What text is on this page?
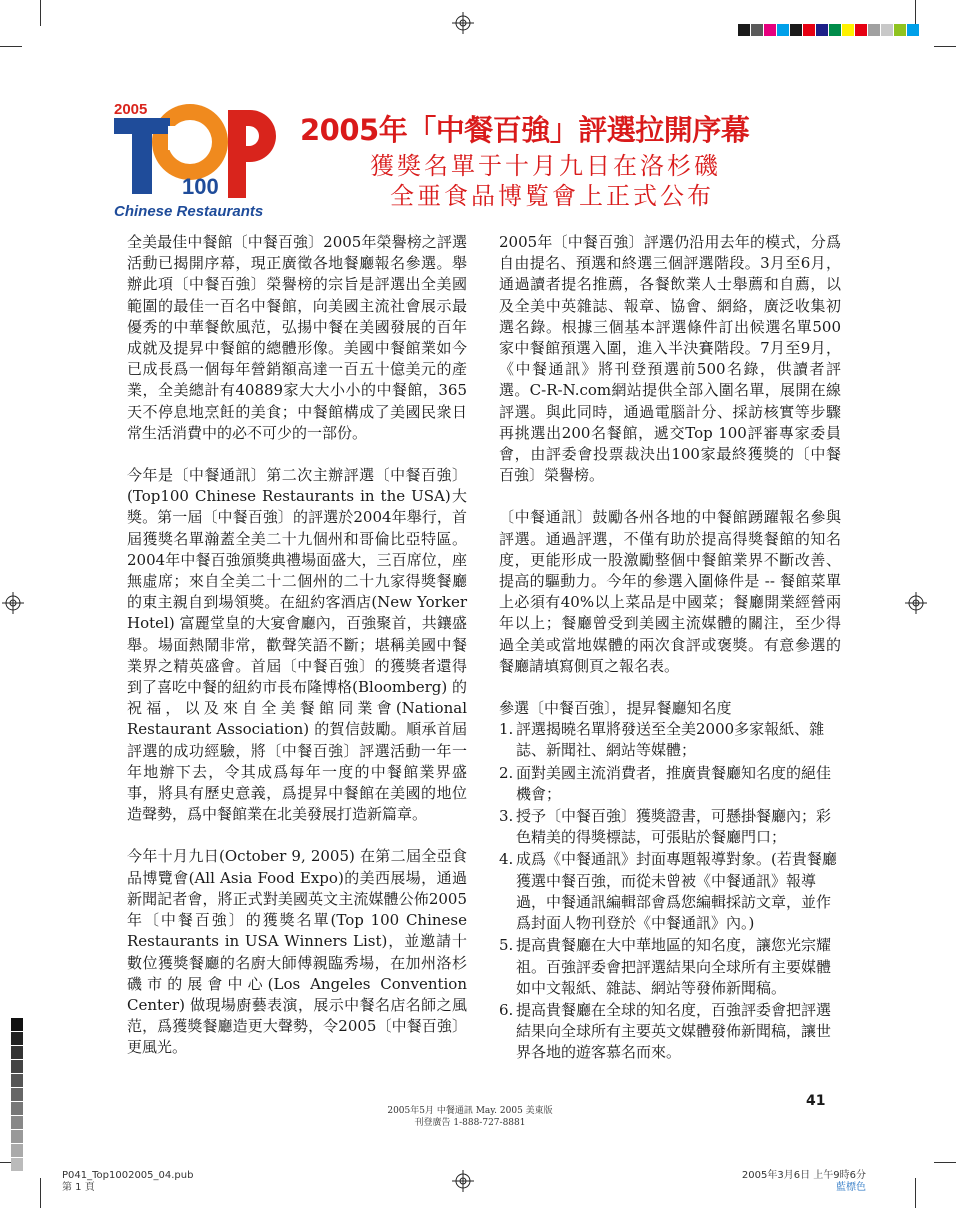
2005
100
Chinese Restaurants
2005年「中餐百強」評選拉開序幕
獲獎名單于十月九日在洛杉磯
全亜食品博覧會上正式公布

全美最佳中餐館〔中餐百強〕2005年榮譽榜之評選活動已揭開序幕，現正廣徵各地餐廳報名參選。舉辦此項〔中餐百強〕榮譽榜的宗旨是評選出全美國範圍的最佳一百名中餐館，向美國主流社會展示最優秀的中華餐飲風范，弘揚中餐在美國發展的百年成就及提昇中餐館的總體形像。美國中餐館業如今已成長爲一個每年營銷額高達一百五十億美元的產業，全美總計有40889家大大小小的中餐館，365天不停息地烹飪的美食；中餐館構成了美國民衆日常生活消費中的必不可少的一部份。

今年是〔中餐通訊〕第二次主辦評選〔中餐百強〕(Top100 Chinese Restaurants in the USA)大獎。第一屆〔中餐百強〕的評選於2004年舉行，首屆獲獎名單瀚蓋全美二十九個州和哥倫比亞特區。2004年中餐百強頒獎典禮場面盛大，三百席位，座無虛席；來自全美二十二個州的二十九家得獎餐廳的東主親自到場領獎。在紐約客酒店(New Yorker Hotel) 富麗堂皇的大宴會廳內，百強聚首，共鑲盛舉。場面熱鬧非常，歡聲笑語不斷；堪稱美國中餐業界之精英盛會。首屆〔中餐百強〕的獲獎者還得到了喜吃中餐的紐約市長布隆博格(Bloomberg) 的祝福，以及來自全美餐館同業會(National Restaurant Association) 的賀信鼓勵。順承首屆評選的成功經驗，將〔中餐百強〕評選活動一年一年地辦下去，令其成爲每年一度的中餐館業界盛事，將具有歷史意義，爲提昇中餐館在美國的地位造聲勢，爲中餐館業在北美發展打造新篇章。

今年十月九日(October 9, 2005) 在第二屆全亞食品博覽會(All Asia Food Expo)的美西展場，通過新聞記者會，將正式對美國英文主流媒體公佈2005年〔中餐百強〕的獲獎名單(Top 100 Chinese Restaurants in USA Winners List)，並邀請十數位獲獎餐廳的名廚大師傅親臨秀場，在加州洛杉磯市的展會中心(Los Angeles Convention Center) 做現場廚藝表演，展示中餐名店名師之風范，爲獲獎餐廳造更大聲勢，令2005〔中餐百強〕更風光。

2005年〔中餐百強〕評選仍沿用去年的模式，分爲自由提名、預選和終選三個評選階段。3月至6月，通過讀者提名推薦，各餐飲業人士舉薦和自薦，以及全美中英雜誌、報章、協會、網絡，廣泛收集初選名錄。根據三個基本評選條件訂出候選名單500家中餐館預選入圍，進入半決賽階段。7月至9月，《中餐通訊》將刊登預選前500名錄，供讀者評選。C-R-N.com網站提供全部入圍名單，展開在線評選。與此同時，通過電腦計分、採訪核實等步驟再挑選出200名餐館，遞交Top 100評審專家委員會，由評委會投票裁決出100家最終獲獎的〔中餐百強〕榮譽榜。

〔中餐通訊〕鼓勵各州各地的中餐館踴躍報名參與評選。通過評選，不僅有助於提高得獎餐館的知名度，更能形成一股激勵整個中餐館業界不斷改善、提高的驅動力。今年的參選入圍條件是 -- 餐館菜單上必須有40%以上菜品是中國菜；餐廳開業經營兩年以上；餐廳曾受到美國主流媒體的關注，至少得過全美或當地媒體的兩次食評或褒獎。有意參選的餐廳請填寫側頁之報名表。

參選〔中餐百強〕，提昇餐廳知名度
1. 評選揭曉名單將發送至全美2000多家報紙、雜誌、新聞社、網站等媒體；
2. 面對美國主流消費者，推廣貴餐廳知名度的絕佳機會；
3. 授予〔中餐百強〕獲獎證書，可懸掛餐廳內；彩色精美的得獎標誌，可張貼於餐廳門口；
4. 成爲《中餐通訊》封面專題報導對象。(若貴餐廳獲選中餐百強，而從未曾被《中餐通訊》報導過，中餐通訊編輯部會爲您編輯採訪文章，並作爲封面人物刊登於《中餐通訊》內。)
5. 提高貴餐廳在大中華地區的知名度，讓您光宗耀祖。百強評委會把評選結果向全球所有主要媒體如中文報紙、雜誌、網站等發佈新聞稿。
6. 提高貴餐廳在全球的知名度，百強評委會把評選結果向全球所有主要英文媒體發佈新聞稿，讓世界各地的遊客慕名而來。
41
2005年5月 中餐通訊 May. 2005 美東版
刊登廣告 1-888-727-8881
P041_Top1002005_04.pub
第 1 頁
2005年3月6日 上午9時6分
藍標色
